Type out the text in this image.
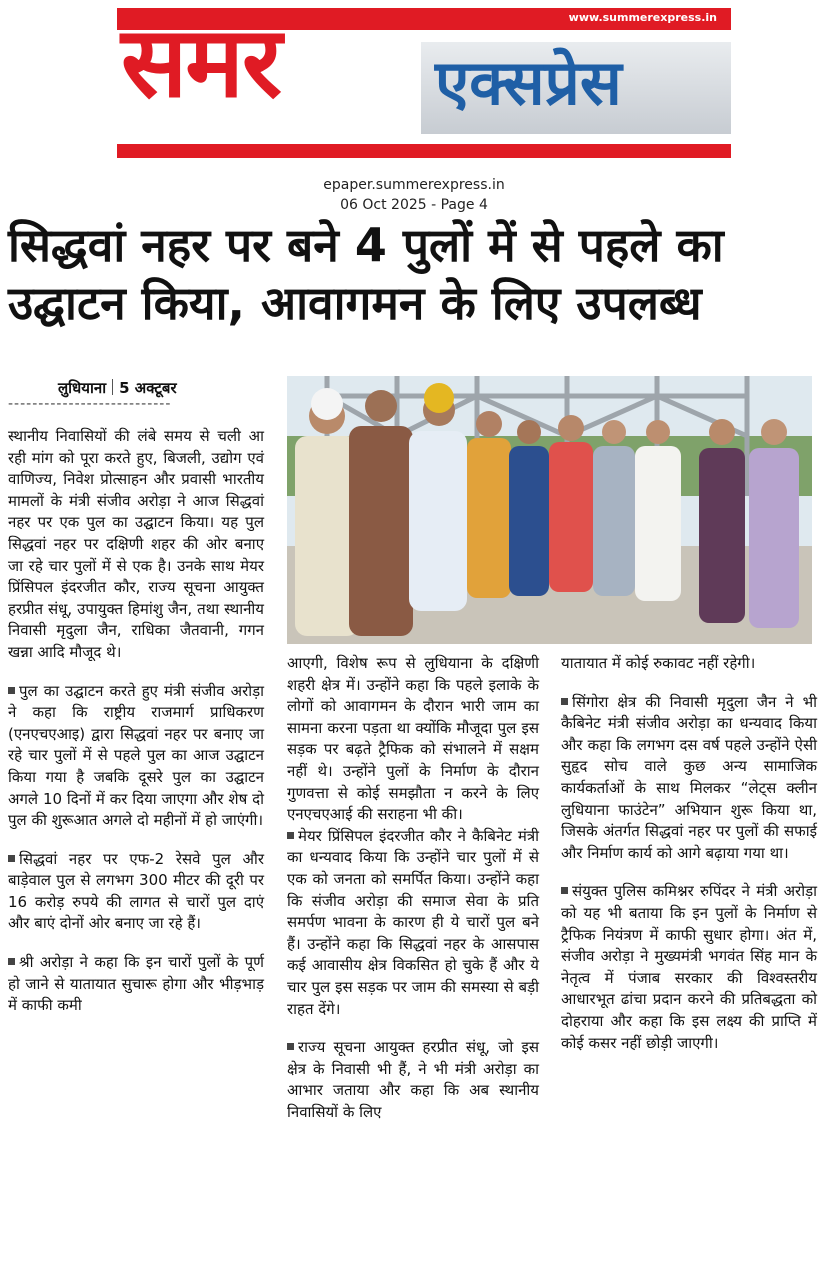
www.summerexpress.in
समर	एक्सप्रेस
epaper.summerexpress.in
06 Oct 2025 - Page 4
सिद्धवां नहर पर बने 4 पुलों में से पहले का
उद्घाटन किया, आवागमन के लिए उपलब्ध
लुधियाना 5 अक्टूबर
---------------------------

स्थानीय निवासियों की लंबे समय से चली आ रही मांग को पूरा करते हुए, बिजली, उद्योग एवं वाणिज्य, निवेश प्रोत्साहन और प्रवासी भारतीय मामलों के मंत्री संजीव अरोड़ा ने आज सिद्धवां नहर पर एक पुल का उद्घाटन किया। यह पुल सिद्धवां नहर पर दक्षिणी शहर की ओर बनाए जा रहे चार पुलों में से एक है। उनके साथ मेयर प्रिंसिपल इंदरजीत कौर, राज्य सूचना आयुक्त हरप्रीत संधू, उपायुक्त हिमांशु जैन, तथा स्थानीय निवासी मृदुला जैन, राधिका जैतवानी, गगन खन्ना आदि मौजूद थे।

पुल का उद्घाटन करते हुए मंत्री संजीव अरोड़ा ने कहा कि राष्ट्रीय राजमार्ग प्राधिकरण (एनएचएआइ) द्वारा सिद्धवां नहर पर बनाए जा रहे चार पुलों में से पहले पुल का आज उद्घाटन किया गया है जबकि दूसरे पुल का उद्घाटन अगले 10 दिनों में कर दिया जाएगा और शेष दो पुल की शुरूआत अगले दो महीनों में हो जाएंगी।

सिद्धवां नहर पर एफ-2 रेसवे पुल और बाड़ेवाल पुल से लगभग 300 मीटर की दूरी पर 16 करोड़ रुपये की लागत से चारों पुल दाएं और बाएं दोनों ओर बनाए जा रहे हैं।

श्री अरोड़ा ने कहा कि इन चारों पुलों के पूर्ण हो जाने से यातायात सुचारू होगा और भीड़भाड़ में काफी कमी

आएगी, विशेष रूप से लुधियाना के दक्षिणी शहरी क्षेत्र में। उन्होंने कहा कि पहले इलाके के लोगों को आवागमन के दौरान भारी जाम का सामना करना पड़ता था क्योंकि मौजूदा पुल इस सड़क पर बढ़ते ट्रैफिक को संभालने में सक्षम नहीं थे। उन्होंने पुलों के निर्माण के दौरान गुणवत्ता से कोई समझौता न करने के लिए एनएचएआई की सराहना भी की।

मेयर प्रिंसिपल इंदरजीत कौर ने कैबिनेट मंत्री का धन्यवाद किया कि उन्होंने चार पुलों में से एक को जनता को समर्पित किया। उन्होंने कहा कि संजीव अरोड़ा की समाज सेवा के प्रति समर्पण भावना के कारण ही ये चारों पुल बने हैं। उन्होंने कहा कि सिद्धवां नहर के आसपास कई आवासीय क्षेत्र विकसित हो चुके हैं और ये चार पुल इस सड़क पर जाम की समस्या से बड़ी राहत देंगे।

राज्य सूचना आयुक्त हरप्रीत संधू, जो इस क्षेत्र के निवासी भी हैं, ने भी मंत्री अरोड़ा का आभार जताया और कहा कि अब स्थानीय निवासियों के लिए

यातायात में कोई रुकावट नहीं रहेगी।

सिंगोरा क्षेत्र की निवासी मृदुला जैन ने भी कैबिनेट मंत्री संजीव अरोड़ा का धन्यवाद किया और कहा कि लगभग दस वर्ष पहले उन्होंने ऐसी सुहृद सोच वाले कुछ अन्य सामाजिक कार्यकर्ताओं के साथ मिलकर “लेट्स क्लीन लुधियाना फाउंटेन” अभियान शुरू किया था, जिसके अंतर्गत सिद्धवां नहर पर पुलों की सफाई और निर्माण कार्य को आगे बढ़ाया गया था।

संयुक्त पुलिस कमिश्नर रुपिंदर ने मंत्री अरोड़ा को यह भी बताया कि इन पुलों के निर्माण से ट्रैफिक नियंत्रण में काफी सुधार होगा। अंत में, संजीव अरोड़ा ने मुख्यमंत्री भगवंत सिंह मान के नेतृत्व में पंजाब सरकार की विश्वस्तरीय आधारभूत ढांचा प्रदान करने की प्रतिबद्धता को दोहराया और कहा कि इस लक्ष्य की प्राप्ति में कोई कसर नहीं छोड़ी जाएगी।
